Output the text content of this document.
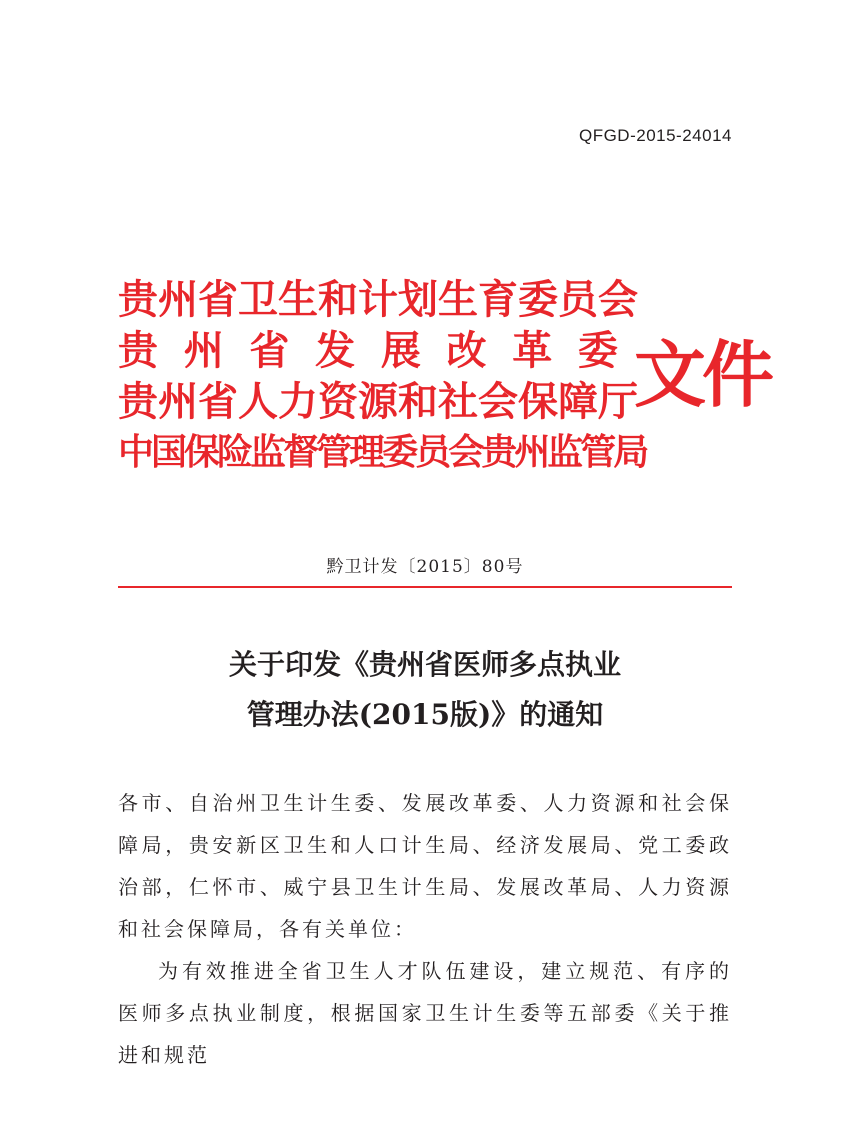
QFGD-2015-24014
贵 州 省 卫 生 和 计 划 生 育 委 员 会
贵 州 省 发 展 改 革 委
贵 州 省 人 力 资 源 和 社 会 保 障 厅
中 国 保 险 监 督 管 理 委 员 会 贵 州 监 管 局
文件
黔卫计发〔2015〕80号
关于印发《贵州省医师多点执业
管理办法(2015版)》的通知

各市、自治州卫生计生委、发展改革委、人力资源和社会保障局，贵安新区卫生和人口计生局、经济发展局、党工委政治部，仁怀市、威宁县卫生计生局、发展改革局、人力资源和社会保障局，各有关单位：

为有效推进全省卫生人才队伍建设，建立规范、有序的医师多点执业制度，根据国家卫生计生委等五部委《关于推进和规范
